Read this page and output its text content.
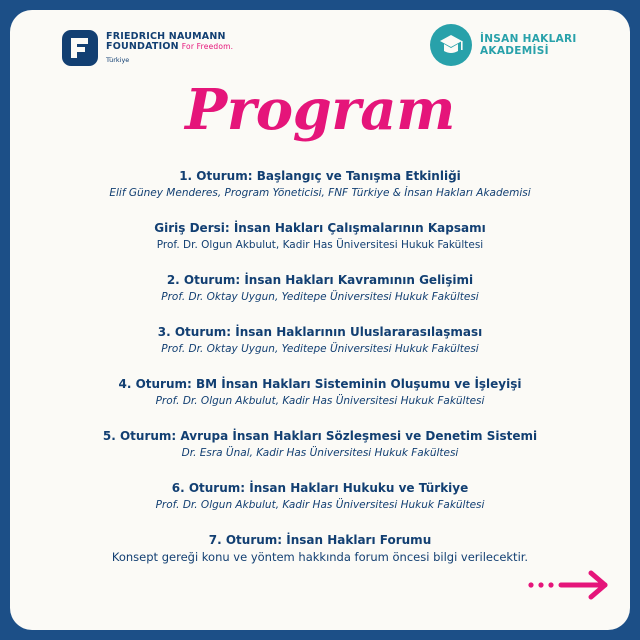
FRIEDRICH NAUMANN
FOUNDATION For Freedom.
Türkiye
İNSAN HAKLARI
AKADEMİSİ
Program
1. Oturum: Başlangıç ve Tanışma Etkinliği
Elif Güney Menderes, Program Yöneticisi, FNF Türkiye & İnsan Hakları Akademisi
Giriş Dersi: İnsan Hakları Çalışmalarının Kapsamı
Prof. Dr. Olgun Akbulut, Kadir Has Üniversitesi Hukuk Fakültesi
2. Oturum: İnsan Hakları Kavramının Gelişimi
Prof. Dr. Oktay Uygun, Yeditepe Üniversitesi Hukuk Fakültesi
3. Oturum: İnsan Haklarının Uluslararasılaşması
Prof. Dr. Oktay Uygun, Yeditepe Üniversitesi Hukuk Fakültesi
4. Oturum: BM İnsan Hakları Sisteminin Oluşumu ve İşleyişi
Prof. Dr. Olgun Akbulut, Kadir Has Üniversitesi Hukuk Fakültesi
5. Oturum: Avrupa İnsan Hakları Sözleşmesi ve Denetim Sistemi
Dr. Esra Ünal, Kadir Has Üniversitesi Hukuk Fakültesi
6. Oturum: İnsan Hakları Hukuku ve Türkiye
Prof. Dr. Olgun Akbulut, Kadir Has Üniversitesi Hukuk Fakültesi
7. Oturum: İnsan Hakları Forumu
Konsept gereği konu ve yöntem hakkında forum öncesi bilgi verilecektir.
